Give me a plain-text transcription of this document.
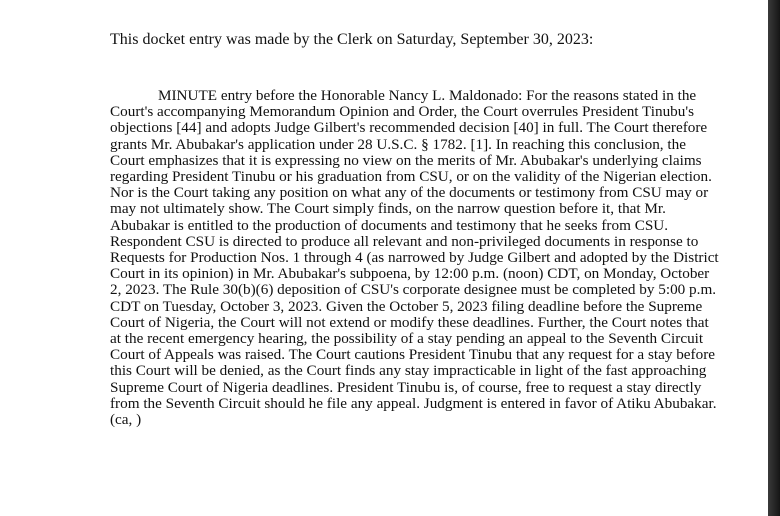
This docket entry was made by the Clerk on Saturday, September 30, 2023:

MINUTE entry before the Honorable Nancy L. Maldonado: For the reasons stated in the Court's accompanying Memorandum Opinion and Order, the Court overrules President Tinubu's objections [44] and adopts Judge Gilbert's recommended decision [40] in full. The Court therefore grants Mr. Abubakar's application under 28 U.S.C. § 1782. [1]. In reaching this conclusion, the Court emphasizes that it is expressing no view on the merits of Mr. Abubakar's underlying claims regarding President Tinubu or his graduation from CSU, or on the validity of the Nigerian election. Nor is the Court taking any position on what any of the documents or testimony from CSU may or may not ultimately show. The Court simply finds, on the narrow question before it, that Mr. Abubakar is entitled to the production of documents and testimony that he seeks from CSU. Respondent CSU is directed to produce all relevant and non-privileged documents in response to Requests for Production Nos. 1 through 4 (as narrowed by Judge Gilbert and adopted by the District Court in its opinion) in Mr. Abubakar's subpoena, by 12:00 p.m. (noon) CDT, on Monday, October 2, 2023. The Rule 30(b)(6) deposition of CSU's corporate designee must be completed by 5:00 p.m. CDT on Tuesday, October 3, 2023. Given the October 5, 2023 filing deadline before the Supreme Court of Nigeria, the Court will not extend or modify these deadlines. Further, the Court notes that at the recent emergency hearing, the possibility of a stay pending an appeal to the Seventh Circuit Court of Appeals was raised. The Court cautions President Tinubu that any request for a stay before this Court will be denied, as the Court finds any stay impracticable in light of the fast approaching Supreme Court of Nigeria deadlines. President Tinubu is, of course, free to request a stay directly from the Seventh Circuit should he file any appeal. Judgment is entered in favor of Atiku Abubakar. (ca, )
